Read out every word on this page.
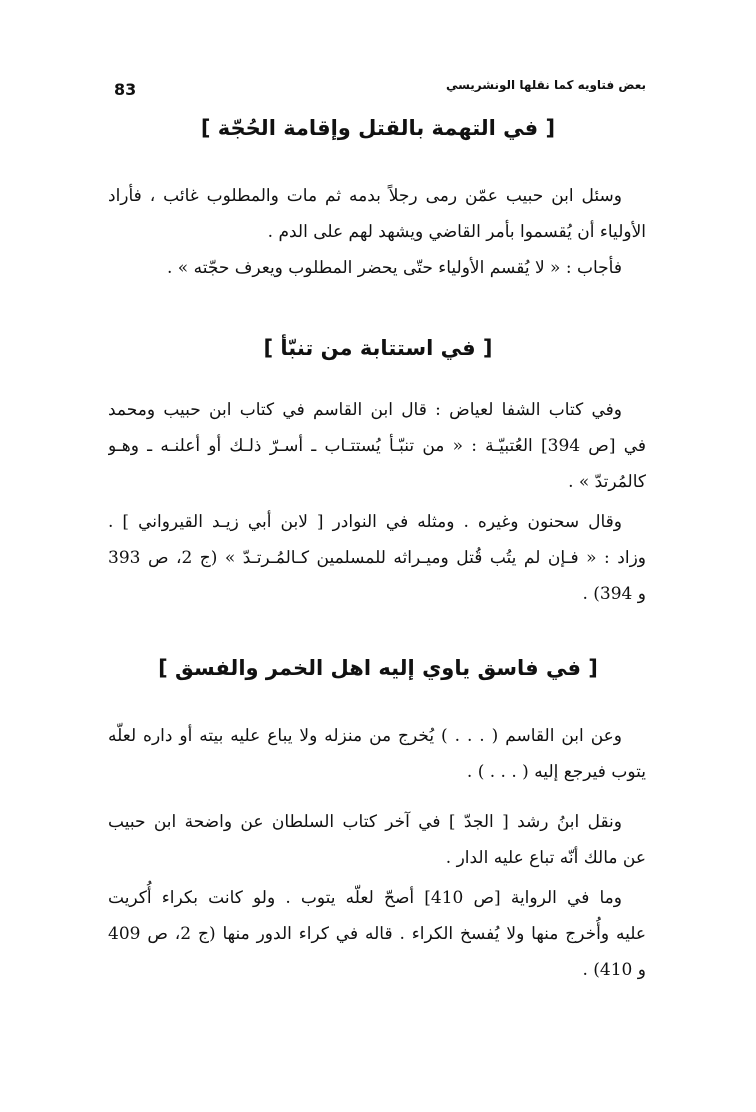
83	بعض فتاويه كما نقلها الونشريسي
[ في التهمة بالقتل وإقامة الحُجّة ]
وسئل ابن حبيب عمّن رمى رجلاً بدمه ثم مات والمطلوب غائب ، فأراد
الأولياء أن يُقسموا بأمر القاضي ويشهد لهم على الدم .
فأجاب : « لا يُقسم الأولياء حتّى يحضر المطلوب ويعرف حجّته » .
[ في استتابة من تنبّأ ]
وفي كتاب الشفا لعياض : قال ابن القاسم في كتاب ابن حبيب ومحمد
في [ص 394] العُتبيّـة : « من تنبّـأ يُستتـاب ـ أسـرّ ذلـك أو أعلنـه ـ وهـو
كالمُرتدّ » .
وقال سحنون وغيره . ومثله في النوادر [ لابن أبي زيـد القيرواني ] .
وزاد : « فـإن لم يتُب قُتل وميـراثه للمسلمين كـالمُـرتـدّ » (ج 2، ص 393
و 394) .
[ في فاسق ياوي إليه اهل الخمر والفسق ]
وعن ابن القاسم ( . . . ) يُخرج من منزله ولا يباع عليه بيته أو داره لعلّه
يتوب فيرجع إليه ( . . . ) .
ونقل ابنُ رشد [ الجدّ ] في آخر كتاب السلطان عن واضحة ابن حبيب
عن مالك أنّه تباع عليه الدار .
وما في الرواية [ص 410] أصحّ لعلّه يتوب . ولو كانت بكراء أُكريت
عليه وأُخرج منها ولا يُفسخ الكراء . قاله في كراء الدور منها (ج 2، ص 409
و 410) .
